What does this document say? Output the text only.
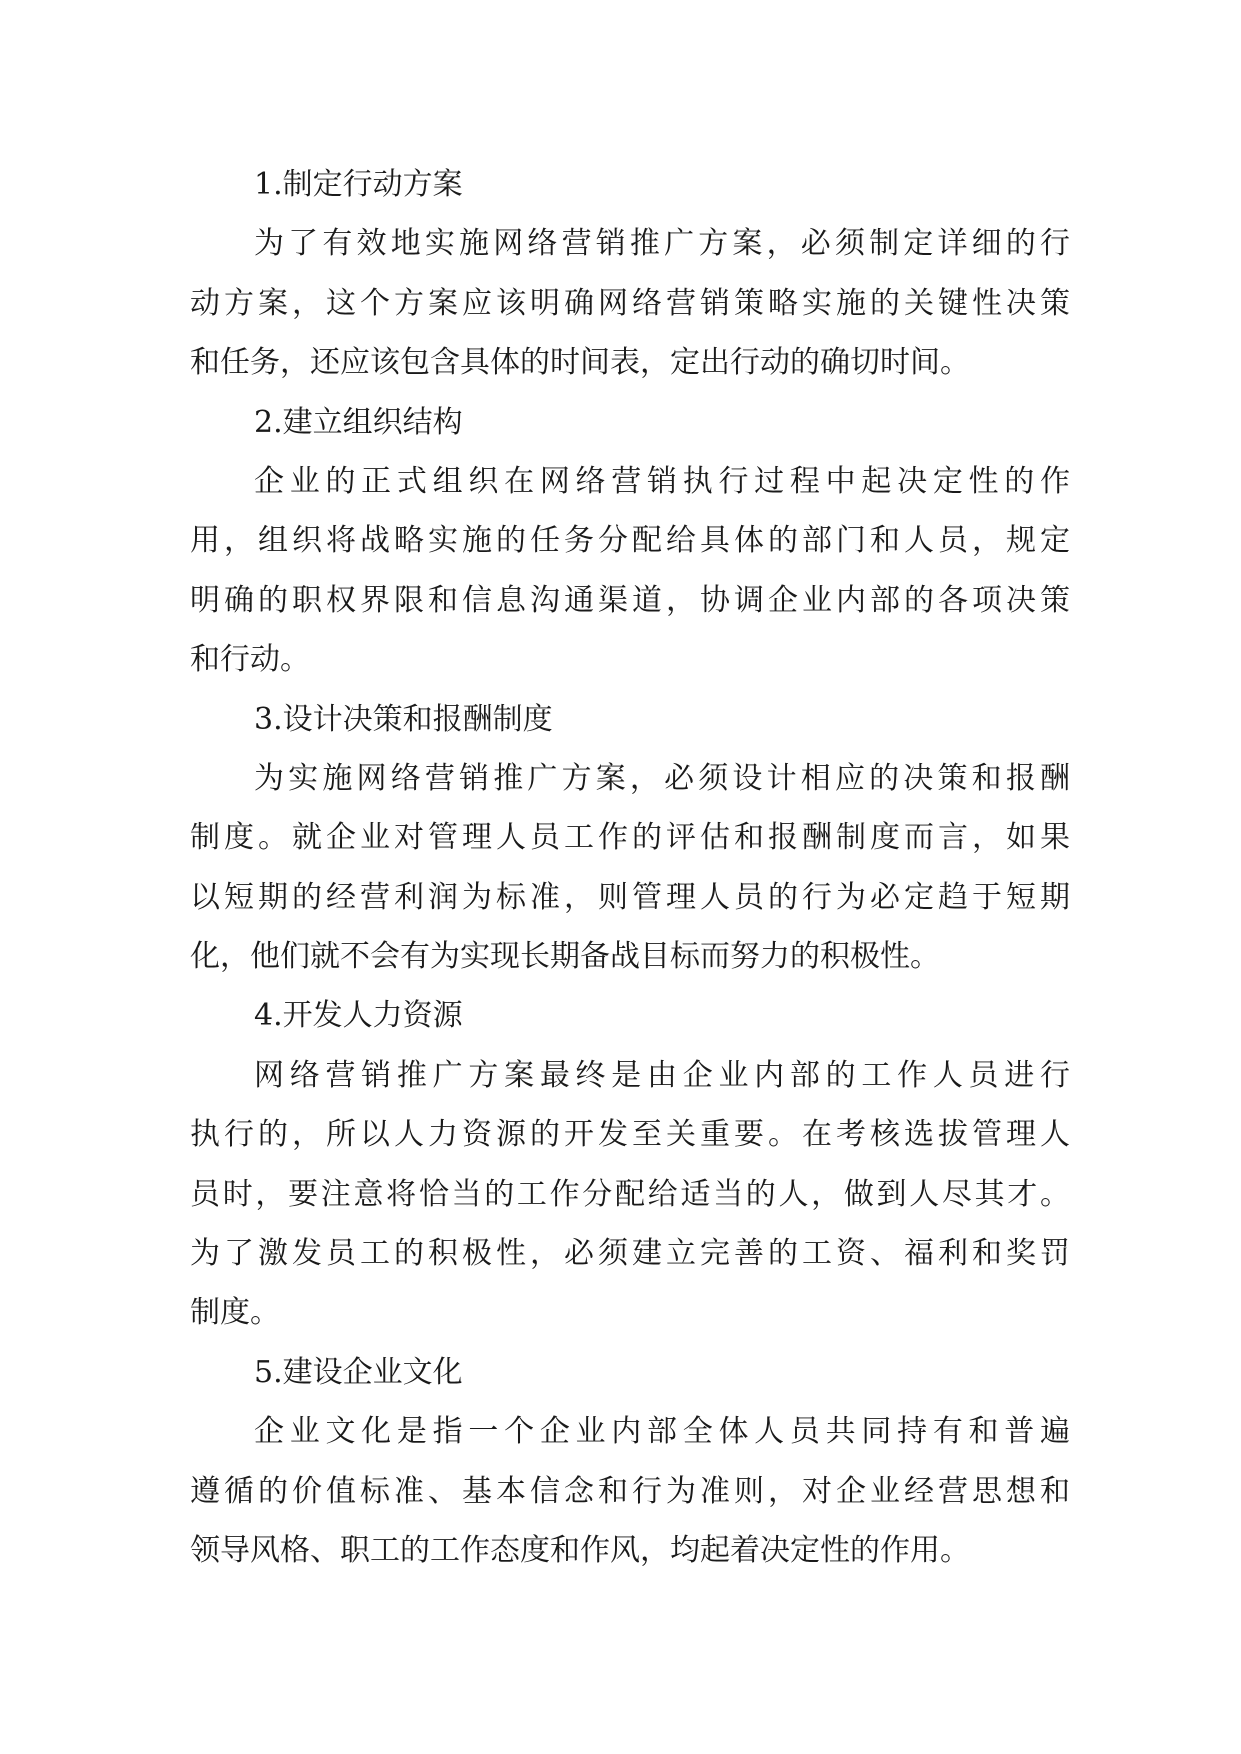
1.制定行动方案
为了有效地实施网络营销推广方案，必须制定详细的行
动方案，这个方案应该明确网络营销策略实施的关键性决策
和任务，还应该包含具体的时间表，定出行动的确切时间。
2.建立组织结构
企业的正式组织在网络营销执行过程中起决定性的作
用，组织将战略实施的任务分配给具体的部门和人员，规定
明确的职权界限和信息沟通渠道，协调企业内部的各项决策
和行动。
3.设计决策和报酬制度
为实施网络营销推广方案，必须设计相应的决策和报酬
制度。就企业对管理人员工作的评估和报酬制度而言，如果
以短期的经营利润为标准，则管理人员的行为必定趋于短期
化，他们就不会有为实现长期备战目标而努力的积极性。
4.开发人力资源
网络营销推广方案最终是由企业内部的工作人员进行
执行的，所以人力资源的开发至关重要。在考核选拔管理人
员时，要注意将恰当的工作分配给适当的人，做到人尽其才。
为了激发员工的积极性，必须建立完善的工资、福利和奖罚
制度。
5.建设企业文化
企业文化是指一个企业内部全体人员共同持有和普遍
遵循的价值标准、基本信念和行为准则，对企业经营思想和
领导风格、职工的工作态度和作风，均起着决定性的作用。
